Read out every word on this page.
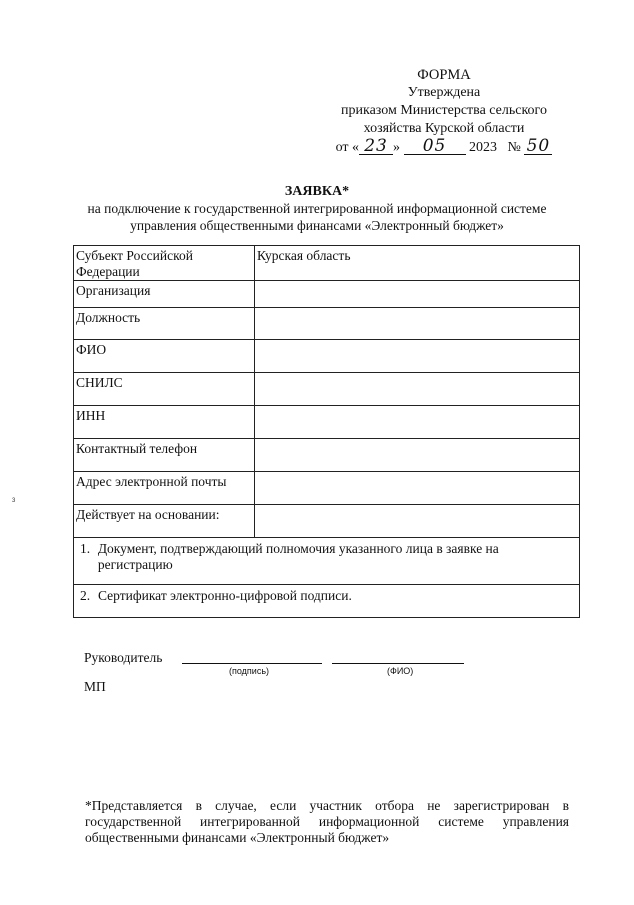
3
ФОРМА
Утверждена
приказом Министерства сельского
хозяйства Курской области
от « 23 » 05 2023 № 50
ЗАЯВКА*
на подключение к государственной интегрированной информационной системе
управления общественными финансами «Электронный бюджет»
Субъект Российской Федерации	Курская область
Организация	
Должность	
ФИО	
СНИЛС	
ИНН	
Контактный телефон	
Адрес электронной почты	
Действует на основании:	

1. Документ, подтверждающий полномочия указанного лица в заявке на регистрацию	

2. Сертификат электронно-цифровой подписи.	
Руководитель
(подпись)	(ФИО)
МП
*Представляется в случае, если участник отбора не зарегистрирован в государственной интегрированной информационной системе управления общественными финансами «Электронный бюджет»
